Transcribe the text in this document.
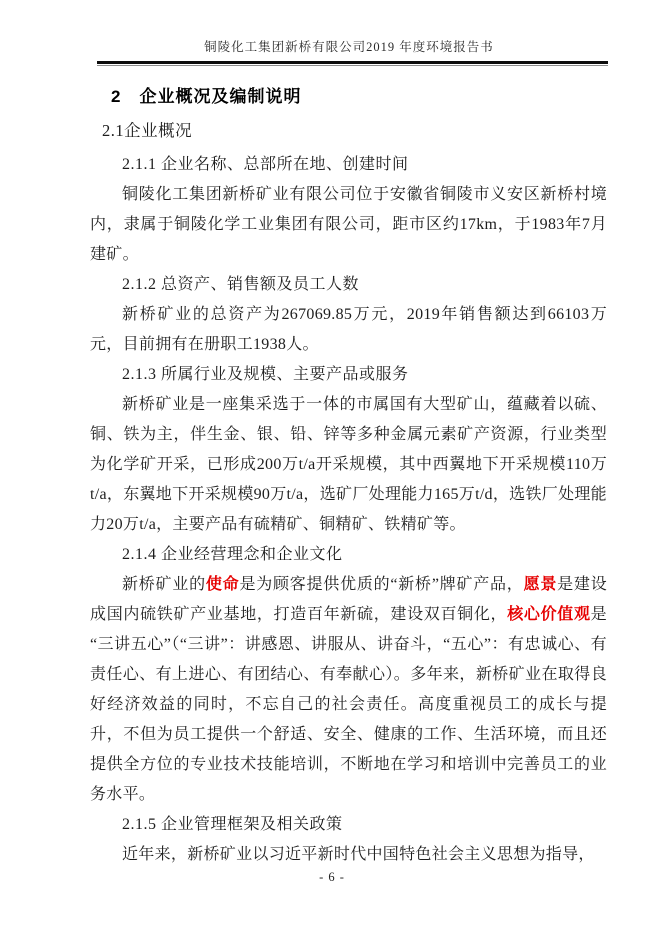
铜陵化工集团新桥有限公司2019 年度环境报告书
2　企业概况及编制说明
2.1企业概况
2.1.1 企业名称、总部所在地、创建时间

铜陵化工集团新桥矿业有限公司位于安徽省铜陵市义安区新桥村境内，隶属于铜陵化学工业集团有限公司，距市区约17km，于1983年7月建矿。

2.1.2 总资产、销售额及员工人数

新桥矿业的总资产为267069.85万元，2019年销售额达到66103万元，目前拥有在册职工1938人。

2.1.3 所属行业及规模、主要产品或服务

新桥矿业是一座集采选于一体的市属国有大型矿山，蕴藏着以硫、铜、铁为主，伴生金、银、铅、锌等多种金属元素矿产资源，行业类型为化学矿开采，已形成200万t/a开采规模，其中西翼地下开采规模110万t/a，东翼地下开采规模90万t/a，选矿厂处理能力165万t/d，选铁厂处理能力20万t/a，主要产品有硫精矿、铜精矿、铁精矿等。

2.1.4 企业经营理念和企业文化

新桥矿业的使命是为顾客提供优质的“新桥”牌矿产品，愿景是建设成国内硫铁矿产业基地，打造百年新硫，建设双百铜化，核心价值观是“三讲五心”（“三讲”：讲感恩、讲服从、讲奋斗，“五心”：有忠诚心、有责任心、有上进心、有团结心、有奉献心）。多年来，新桥矿业在取得良好经济效益的同时，不忘自己的社会责任。高度重视员工的成长与提升，不但为员工提供一个舒适、安全、健康的工作、生活环境，而且还提供全方位的专业技术技能培训，不断地在学习和培训中完善员工的业务水平。

2.1.5 企业管理框架及相关政策

近年来，新桥矿业以习近平新时代中国特色社会主义思想为指导，

- 6 -
